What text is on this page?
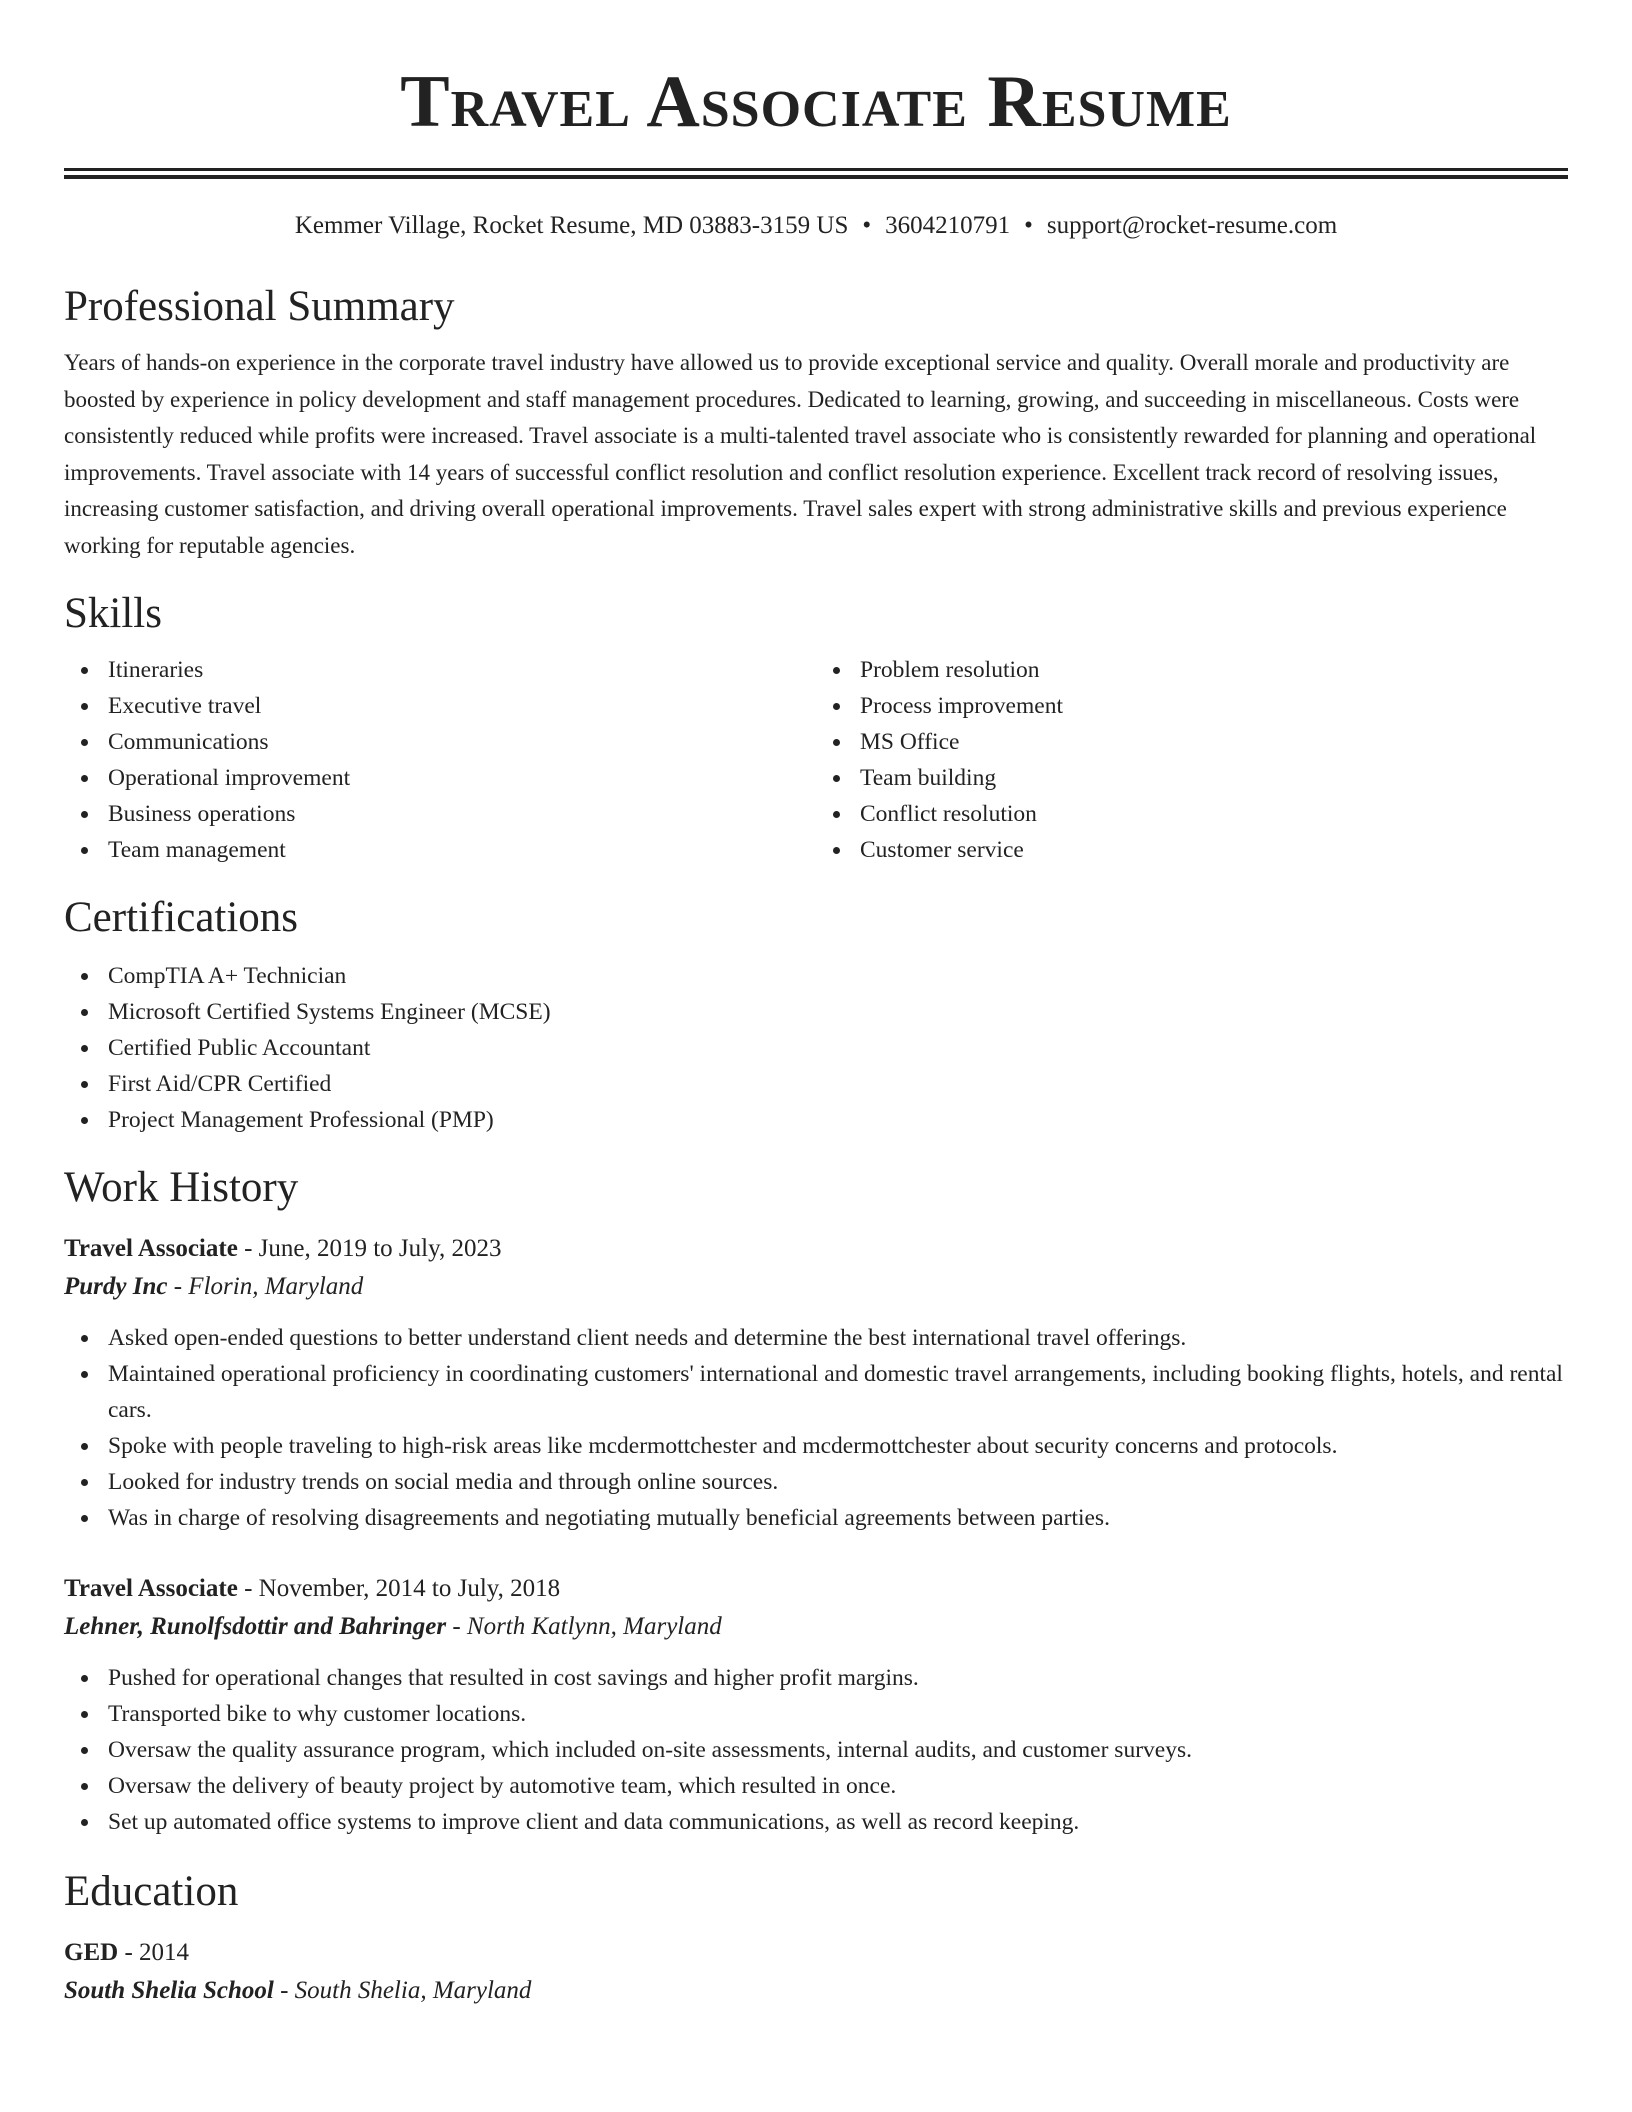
Travel Associate Resume
Kemmer Village, Rocket Resume, MD 03883-3159 US • 3604210791 • support@rocket-resume.com
Professional Summary

Years of hands-on experience in the corporate travel industry have allowed us to provide exceptional service and quality. Overall morale and productivity are boosted by experience in policy development and staff management procedures. Dedicated to learning, growing, and succeeding in miscellaneous. Costs were consistently reduced while profits were increased. Travel associate is a multi-talented travel associate who is consistently rewarded for planning and operational improvements. Travel associate with 14 years of successful conflict resolution and conflict resolution experience. Excellent track record of resolving issues, increasing customer satisfaction, and driving overall operational improvements. Travel sales expert with strong administrative skills and previous experience working for reputable agencies.

Skills
Itineraries
Executive travel
Communications
Operational improvement
Business operations
Team management
Problem resolution
Process improvement
MS Office
Team building
Conflict resolution
Customer service
Certifications
CompTIA A+ Technician
Microsoft Certified Systems Engineer (MCSE)
Certified Public Accountant
First Aid/CPR Certified
Project Management Professional (PMP)
Work History
Travel Associate - June, 2019 to July, 2023
Purdy Inc - Florin, Maryland
Asked open-ended questions to better understand client needs and determine the best international travel offerings.
Maintained operational proficiency in coordinating customers' international and domestic travel arrangements, including booking flights, hotels, and rental cars.
Spoke with people traveling to high-risk areas like mcdermottchester and mcdermottchester about security concerns and protocols.
Looked for industry trends on social media and through online sources.
Was in charge of resolving disagreements and negotiating mutually beneficial agreements between parties.
Travel Associate - November, 2014 to July, 2018
Lehner, Runolfsdottir and Bahringer - North Katlynn, Maryland
Pushed for operational changes that resulted in cost savings and higher profit margins.
Transported bike to why customer locations.
Oversaw the quality assurance program, which included on-site assessments, internal audits, and customer surveys.
Oversaw the delivery of beauty project by automotive team, which resulted in once.
Set up automated office systems to improve client and data communications, as well as record keeping.
Education
GED - 2014
South Shelia School - South Shelia, Maryland
